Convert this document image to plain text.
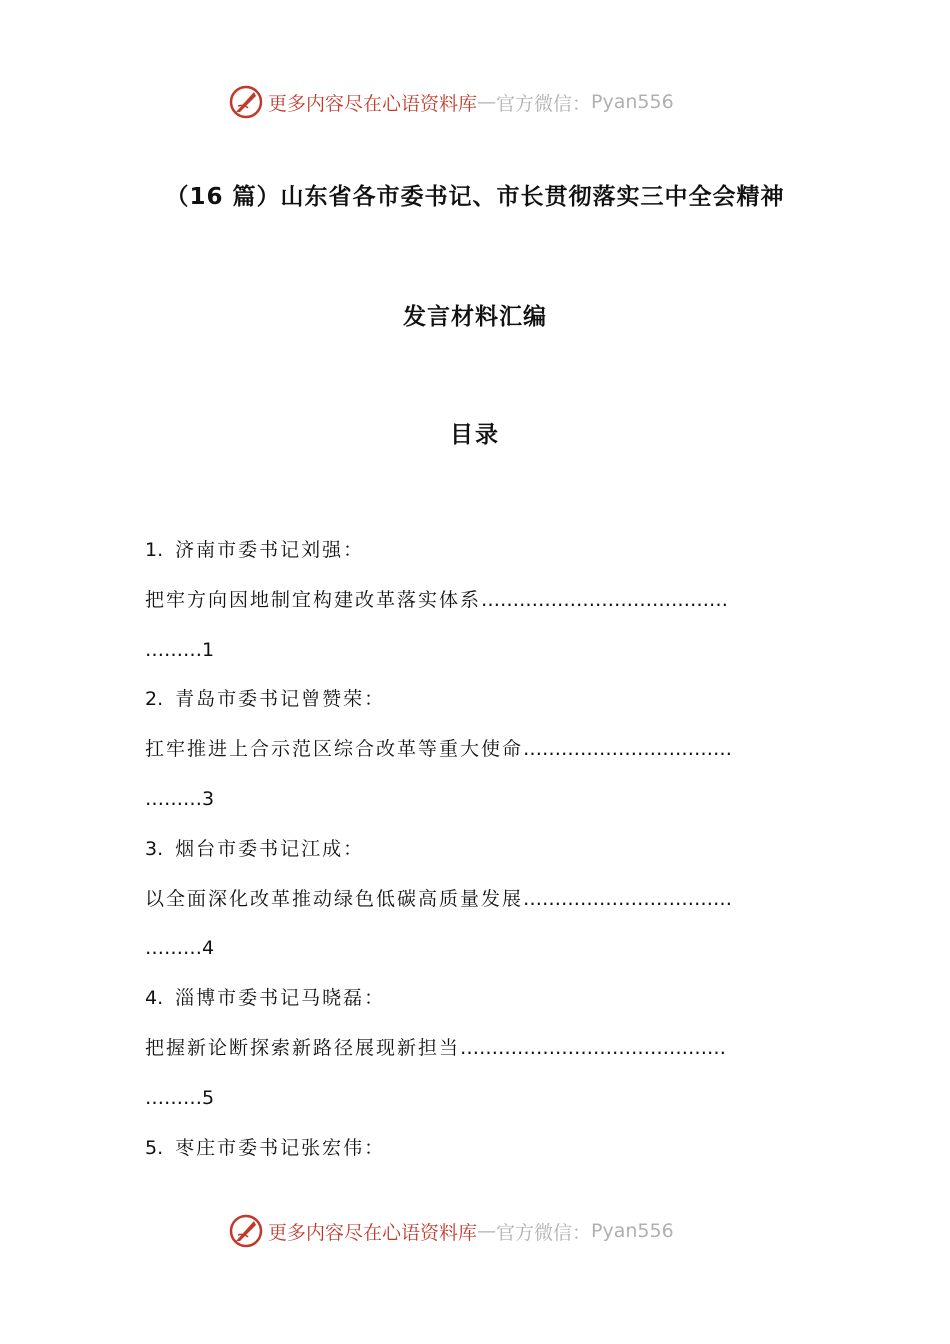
更多内容尽在心语资料库 — 官方微信： Pyan556
（16 篇）山东省各市委书记、市长贯彻落实三中全会精神
发言材料汇编
目录
1. 济南市委书记刘强：
把牢方向因地制宜构建改革落实体系…………………………………
………1
2. 青岛市委书记曾赞荣：
扛牢推进上合示范区综合改革等重大使命……………………………
………3
3. 烟台市委书记江成：
以全面深化改革推动绿色低碳高质量发展……………………………
………4
4. 淄博市委书记马晓磊：
把握新论断探索新路径展现新担当……………………………………
………5
5. 枣庄市委书记张宏伟：
更多内容尽在心语资料库 — 官方微信： Pyan556
